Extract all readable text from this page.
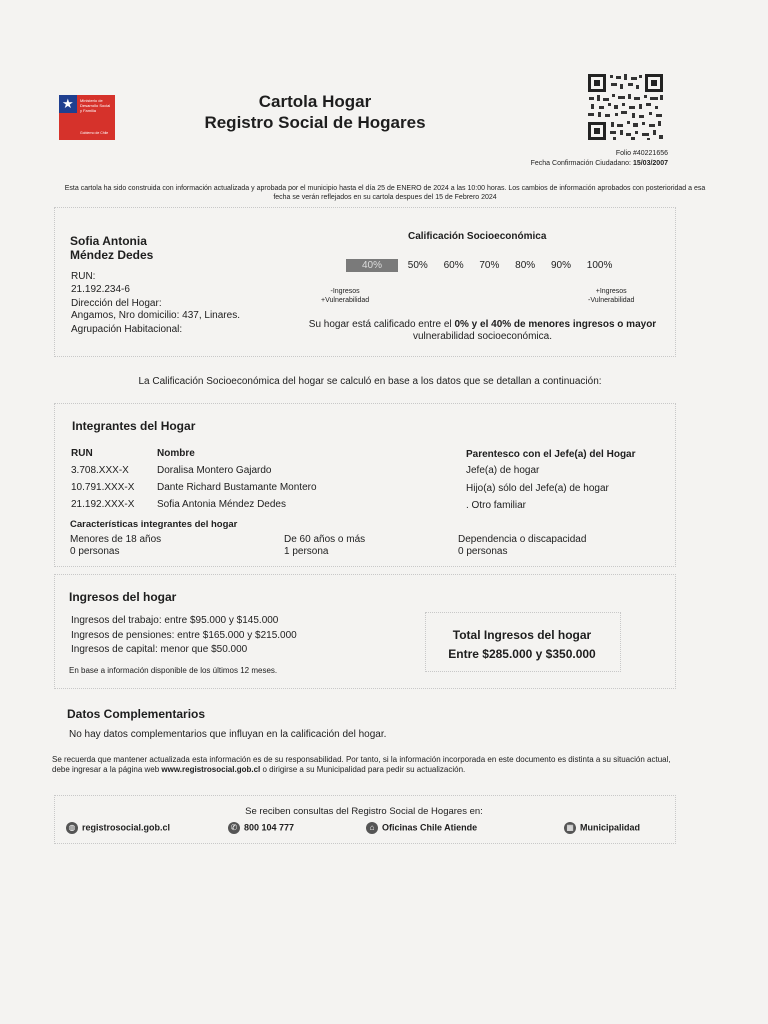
★ Ministerio de Desarrollo Social y Familia
Gobierno de Chile
Cartola Hogar
Registro Social de Hogares
Folio #40221656
Fecha Confirmación Ciudadano: 15/03/2007
Esta cartola ha sido construida con información actualizada y aprobada por el municipio hasta el día 25 de ENERO de 2024 a las 10:00 horas. Los cambios de información aprobados con posterioridad a esa fecha se verán reflejados en su cartola despues del 15 de Febrero 2024
Sofia Antonia
Méndez Dedes
RUN:
21.192.234-6
Dirección del Hogar:
Angamos, Nro domicilio: 437, Linares.
Agrupación Habitacional:
Calificación Socioeconómica
40%	50% 60% 70% 80% 90% 100%
-Ingresos
+Vulnerabilidad
+Ingresos
-Vulnerabilidad
Su hogar está calificado entre el 0% y el 40% de menores ingresos o mayor vulnerabilidad socioeconómica.
La Calificación Socioeconómica del hogar se calculó en base a los datos que se detallan a continuación:
Integrantes del Hogar
RUN	Nombre	Parentesco con el Jefe(a) del Hogar
3.708.XXX-X	Doralisa Montero Gajardo	Jefe(a) de hogar
10.791.XXX-X Dante Richard Bustamante Montero	Hijo(a) sólo del Jefe(a) de hogar
21.192.XXX-X Sofia Antonia Méndez Dedes	. Otro familiar
Características integrantes del hogar
Menores de 18 años
0 personas
De 60 años o más
1 persona
Dependencia o discapacidad
0 personas
Ingresos del hogar
Ingresos del trabajo: entre $95.000 y $145.000
Ingresos de pensiones: entre $165.000 y $215.000
Ingresos de capital: menor que $50.000
En base a información disponible de los últimos 12 meses.
Total Ingresos del hogar
Entre $285.000 y $350.000
Datos Complementarios
No hay datos complementarios que influyan en la calificación del hogar.
Se recuerda que mantener actualizada esta información es de su responsabilidad. Por tanto, si la información incorporada en este documento es distinta a su situación actual, debe ingresar a la página web www.registrosocial.gob.cl o dirigirse a su Municipalidad para pedir su actualización.
Se reciben consultas del Registro Social de Hogares en:
◍ registrosocial.gob.cl	✆ 800 104 777	⌂ Oficinas Chile Atiende	▦ Municipalidad
